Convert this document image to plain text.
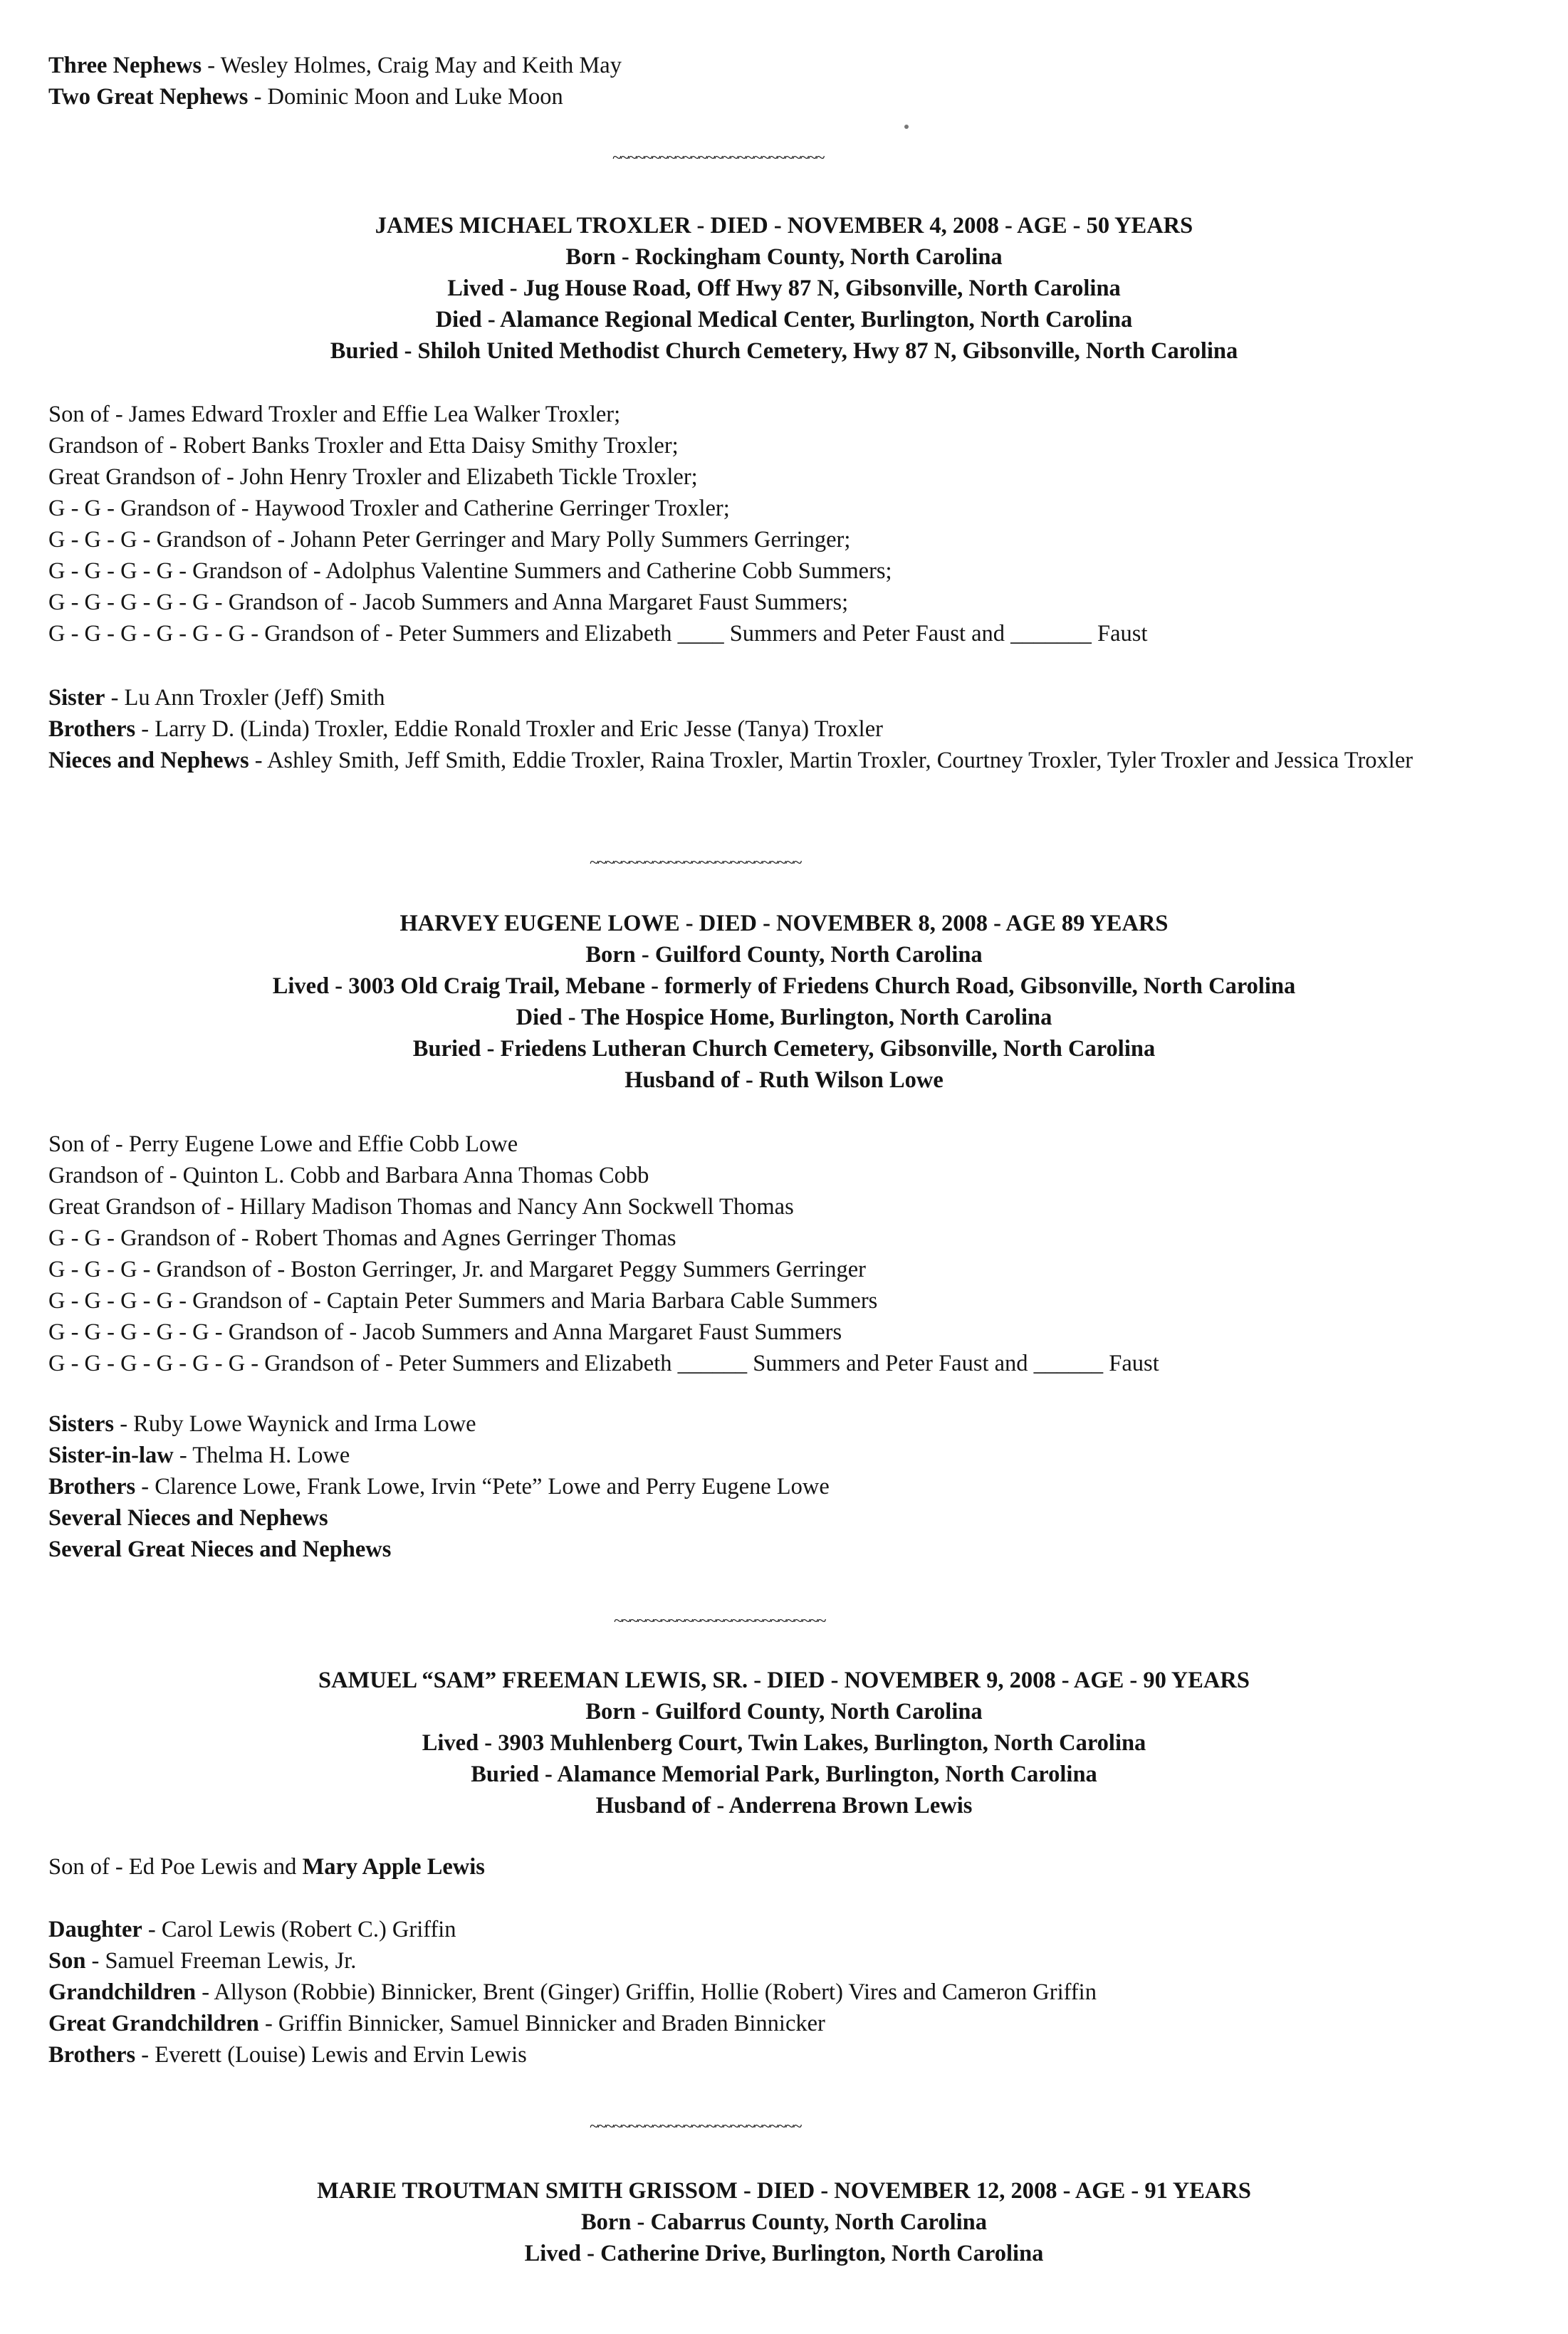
Three Nephews - Wesley Holmes, Craig May and Keith May
Two Great Nephews - Dominic Moon and Luke Moon
~~~~~~~~~~~~~~~~~~~~~~~~~~~
JAMES MICHAEL TROXLER - DIED - NOVEMBER 4, 2008 - AGE - 50 YEARS
Born - Rockingham County, North Carolina
Lived - Jug House Road, Off Hwy 87 N, Gibsonville, North Carolina
Died - Alamance Regional Medical Center, Burlington, North Carolina
Buried - Shiloh United Methodist Church Cemetery, Hwy 87 N, Gibsonville, North Carolina
Son of - James Edward Troxler and Effie Lea Walker Troxler;
Grandson of - Robert Banks Troxler and Etta Daisy Smithy Troxler;
Great Grandson of - John Henry Troxler and Elizabeth Tickle Troxler;
G - G - Grandson of - Haywood Troxler and Catherine Gerringer Troxler;
G - G - G - Grandson of - Johann Peter Gerringer and Mary Polly Summers Gerringer;
G - G - G - G - Grandson of - Adolphus Valentine Summers and Catherine Cobb Summers;
G - G - G - G - G - Grandson of - Jacob Summers and Anna Margaret Faust Summers;
G - G - G - G - G - G - Grandson of - Peter Summers and Elizabeth ____ Summers and Peter Faust and _______ Faust
Sister - Lu Ann Troxler (Jeff) Smith
Brothers - Larry D. (Linda) Troxler, Eddie Ronald Troxler and Eric Jesse (Tanya) Troxler
Nieces and Nephews - Ashley Smith, Jeff Smith, Eddie Troxler, Raina Troxler, Martin Troxler, Courtney Troxler, Tyler Troxler and Jessica Troxler
~~~~~~~~~~~~~~~~~~~~~~~~~~~
HARVEY EUGENE LOWE - DIED - NOVEMBER 8, 2008 - AGE 89 YEARS
Born - Guilford County, North Carolina
Lived - 3003 Old Craig Trail, Mebane - formerly of Friedens Church Road, Gibsonville, North Carolina
Died - The Hospice Home, Burlington, North Carolina
Buried - Friedens Lutheran Church Cemetery, Gibsonville, North Carolina
Husband of - Ruth Wilson Lowe
Son of - Perry Eugene Lowe and Effie Cobb Lowe
Grandson of - Quinton L. Cobb and Barbara Anna Thomas Cobb
Great Grandson of - Hillary Madison Thomas and Nancy Ann Sockwell Thomas
G - G - Grandson of - Robert Thomas and Agnes Gerringer Thomas
G - G - G - Grandson of - Boston Gerringer, Jr. and Margaret Peggy Summers Gerringer
G - G - G - G - Grandson of - Captain Peter Summers and Maria Barbara Cable Summers
G - G - G - G - G - Grandson of - Jacob Summers and Anna Margaret Faust Summers
G - G - G - G - G - G - Grandson of - Peter Summers and Elizabeth ______ Summers and Peter Faust and ______ Faust
Sisters - Ruby Lowe Waynick and Irma Lowe
Sister-in-law - Thelma H. Lowe
Brothers - Clarence Lowe, Frank Lowe, Irvin “Pete” Lowe and Perry Eugene Lowe
Several Nieces and Nephews
Several Great Nieces and Nephews
~~~~~~~~~~~~~~~~~~~~~~~~~~~
SAMUEL “SAM” FREEMAN LEWIS, SR. - DIED - NOVEMBER 9, 2008 - AGE - 90 YEARS
Born - Guilford County, North Carolina
Lived - 3903 Muhlenberg Court, Twin Lakes, Burlington, North Carolina
Buried - Alamance Memorial Park, Burlington, North Carolina
Husband of - Anderrena Brown Lewis
Son of - Ed Poe Lewis and Mary Apple Lewis
Daughter - Carol Lewis (Robert C.) Griffin
Son - Samuel Freeman Lewis, Jr.
Grandchildren - Allyson (Robbie) Binnicker, Brent (Ginger) Griffin, Hollie (Robert) Vires and Cameron Griffin
Great Grandchildren - Griffin Binnicker, Samuel Binnicker and Braden Binnicker
Brothers - Everett (Louise) Lewis and Ervin Lewis
~~~~~~~~~~~~~~~~~~~~~~~~~~~
MARIE TROUTMAN SMITH GRISSOM - DIED - NOVEMBER 12, 2008 - AGE - 91 YEARS
Born - Cabarrus County, North Carolina
Lived - Catherine Drive, Burlington, North Carolina
